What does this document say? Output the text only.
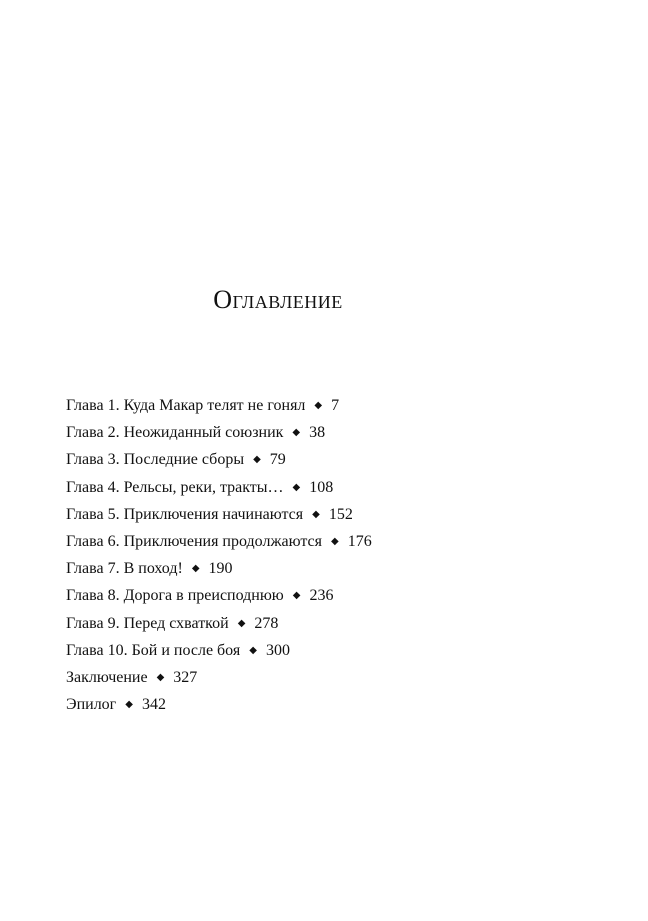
Оглавление
Глава 1. Куда Макар телят не гонял ◆ 7
Глава 2. Неожиданный союзник ◆ 38
Глава 3. Последние сборы ◆ 79
Глава 4. Рельсы, реки, тракты… ◆ 108
Глава 5. Приключения начинаются ◆ 152
Глава 6. Приключения продолжаются ◆ 176
Глава 7. В поход! ◆ 190
Глава 8. Дорога в преисподнюю ◆ 236
Глава 9. Перед схваткой ◆ 278
Глава 10. Бой и после боя ◆ 300
Заключение ◆ 327
Эпилог ◆ 342
